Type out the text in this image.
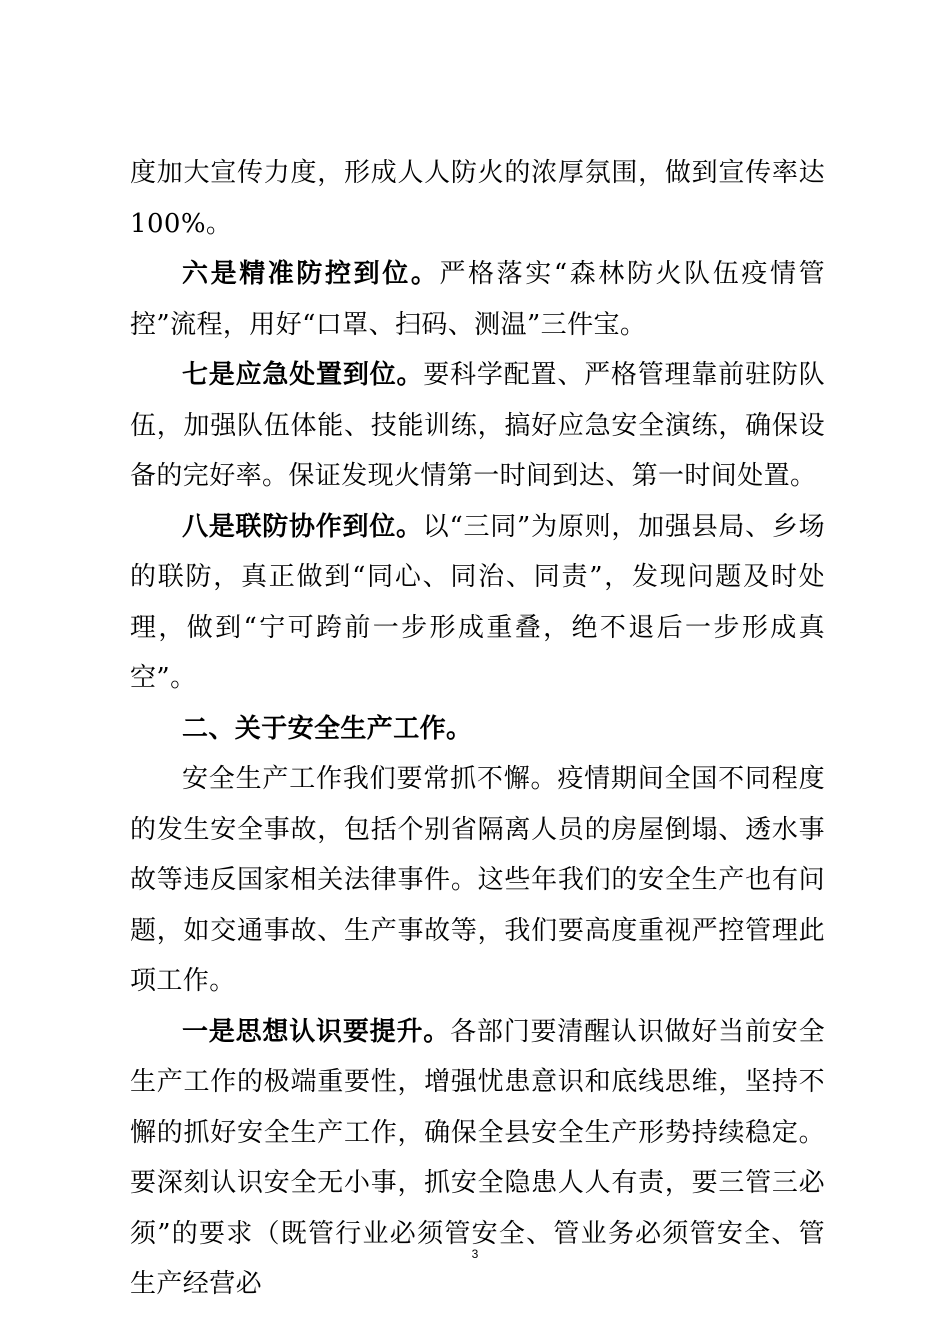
度加大宣传力度，形成人人防火的浓厚氛围，做到宣传率达100%。

六是精准防控到位。严格落实“森林防火队伍疫情管控”流程，用好“口罩、扫码、测温”三件宝。

七是应急处置到位。要科学配置、严格管理靠前驻防队伍，加强队伍体能、技能训练，搞好应急安全演练，确保设备的完好率。保证发现火情第一时间到达、第一时间处置。

八是联防协作到位。以“三同”为原则，加强县局、乡场的联防，真正做到“同心、同治、同责”，发现问题及时处理，做到“宁可跨前一步形成重叠，绝不退后一步形成真空”。

二、关于安全生产工作。

安全生产工作我们要常抓不懈。疫情期间全国不同程度的发生安全事故，包括个别省隔离人员的房屋倒塌、透水事故等违反国家相关法律事件。这些年我们的安全生产也有问题，如交通事故、生产事故等，我们要高度重视严控管理此项工作。

一是思想认识要提升。各部门要清醒认识做好当前安全生产工作的极端重要性，增强忧患意识和底线思维，坚持不懈的抓好安全生产工作，确保全县安全生产形势持续稳定。要深刻认识安全无小事，抓安全隐患人人有责，要三管三必须”的要求（既管行业必须管安全、管业务必须管安全、管生产经营必

3
